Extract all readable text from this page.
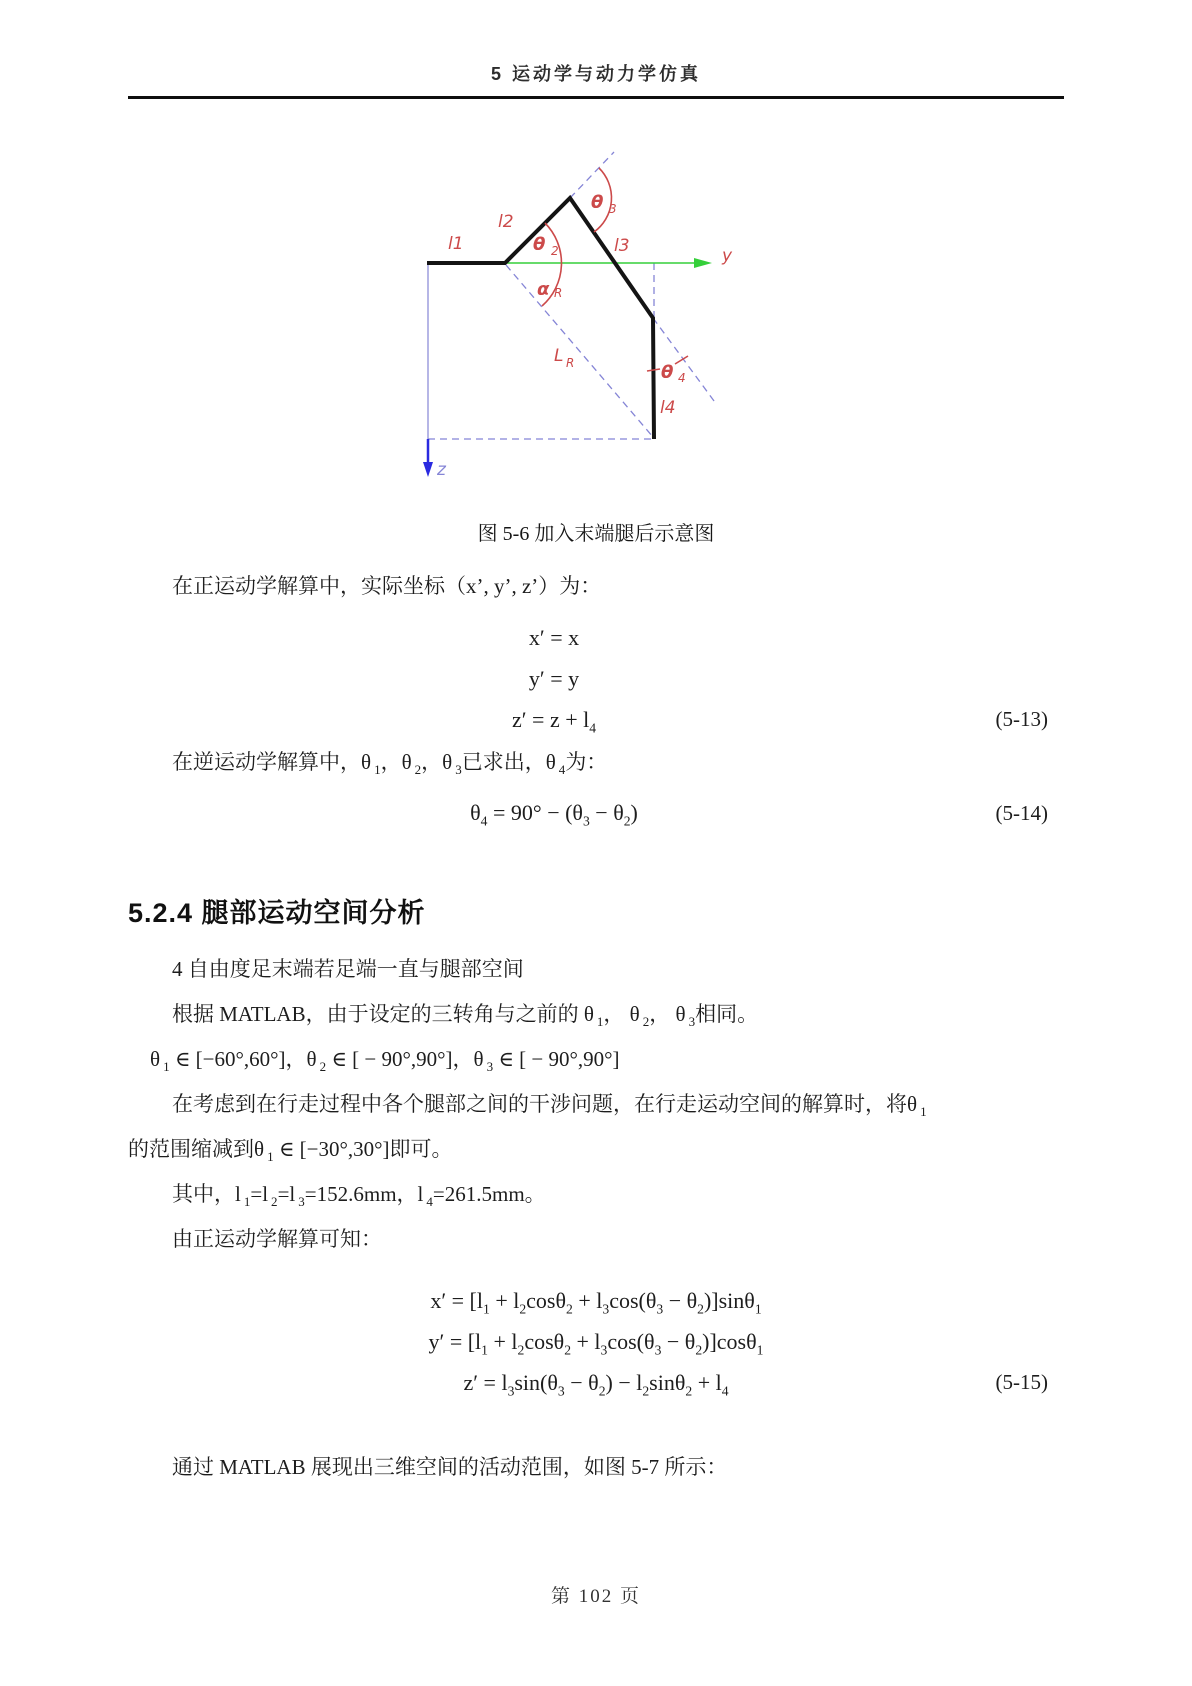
5 运动学与动力学仿真
l1
l2
θ 2
θ 3
l3
α R
L R	θ 4
l4
y
z
图 5-6 加入末端腿后示意图
在正运动学解算中，实际坐标（x’, y’, z’）为：
x′ = x
y′ = y
$z' = z + l_4$	(5-13)
在逆运动学解算中，θ $_1$，θ $_2$，θ $_3$已求出，θ $_4$为：
$\theta_4 = 90^\circ - (\theta_3 - \theta_2)$	(5-14)
5.2.4 腿部运动空间分析
4 自由度足末端若足端一直与腿部空间
根据 MATLAB，由于设定的三转角与之前的 θ $_1$， θ $_2$， θ $_3$相同。
θ $_1$ ∈ [−60°,60°]，θ $_2$ ∈ [ − 90°,90°]，θ $_3$ ∈ [ − 90°,90°]
在考虑到在行走过程中各个腿部之间的干涉问题，在行走运动空间的解算时，将θ $_1$
的范围缩减到θ $_1$ ∈ [−30°,30°]即可。
其中，l $_1$=l $_2$=l $_3$=152.6mm，l $_4$=261.5mm。
由正运动学解算可知：
$x' = [l_1 + l_2\cos\theta_2 + l_3\cos(\theta_3 - \theta_2)]\sin\theta_1$
$y' = [l_1 + l_2\cos\theta_2 + l_3\cos(\theta_3 - \theta_2)]\cos\theta_1$
$z' = l_3\sin(\theta_3 - \theta_2) - l_2\sin\theta_2 + l_4$	(5-15)
通过 MATLAB 展现出三维空间的活动范围，如图 5-7 所示：
第 102 页
